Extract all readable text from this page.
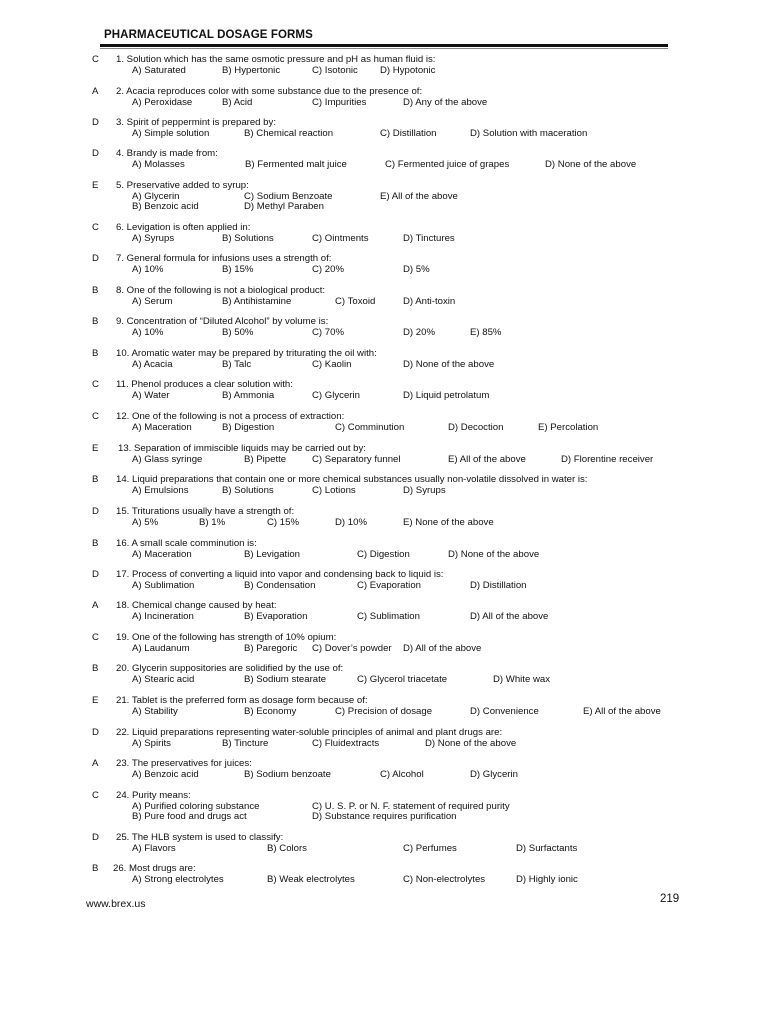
PHARMACEUTICAL DOSAGE FORMS
C 1. Solution which has the same osmotic pressure and pH as human fluid is:
A) Saturated	B) Hypertonic	C) Isotonic D) Hypotonic
A 2. Acacia reproduces color with some substance due to the presence of:
A) Peroxidase	B) Acid	C) Impurities	D) Any of the above
D 3. Spirit of peppermint is prepared by:
A) Simple solution	B) Chemical reaction	C) Distillation	D) Solution with maceration
D 4. Brandy is made from:
A) Molasses	B) Fermented malt juice	C) Fermented juice of grapes	D) None of the above
E 5. Preservative added to syrup:
A) Glycerin	C) Sodium Benzoate	E) All of the above
B) Benzoic acid	D) Methyl Paraben
C 6. Levigation is often applied in:
A) Syrups	B) Solutions	C) Ointments	D) Tinctures
D 7. General formula for infusions uses a strength of:
A) 10%	B) 15%	C) 20%	D) 5%
B 8. One of the following is not a biological product:
A) Serum	B) Antihistamine	C) Toxoid	D) Anti-toxin
B 9. Concentration of “Diluted Alcohol” by volume is:
A) 10%	B) 50%	C) 70%	D) 20%	E) 85%
B 10. Aromatic water may be prepared by triturating the oil with:
A) Acacia	B) Talc	C) Kaolin	D) None of the above
C 11. Phenol produces a clear solution with:
A) Water	B) Ammonia	C) Glycerin	D) Liquid petrolatum
C 12. One of the following is not a process of extraction:
A) Maceration	B) Digestion	C) Comminution	D) Decoction	E) Percolation
E 13. Separation of immiscible liquids may be carried out by:
A) Glass syringe	B) Pipette	C) Separatory funnel	E) All of the above	D) Florentine receiver
B 14. Liquid preparations that contain one or more chemical substances usually non-volatile dissolved in water is:
A) Emulsions	B) Solutions	C) Lotions	D) Syrups
D 15. Triturations usually have a strength of:
A) 5%	B) 1%	C) 15%	D) 10%	E) None of the above
B 16. A small scale comminution is:
A) Maceration	B) Levigation	C) Digestion	D) None of the above
D 17. Process of converting a liquid into vapor and condensing back to liquid is:
A) Sublimation	B) Condensation	C) Evaporation	D) Distillation
A 18. Chemical change caused by heat:
A) Incineration	B) Evaporation	C) Sublimation	D) All of the above
C 19. One of the following has strength of 10% opium:
A) Laudanum	B) Paregoric C) Dover’s powder D) All of the above
B 20. Glycerin suppositories are solidified by the use of:
A) Stearic acid	B) Sodium stearate	C) Glycerol triacetate	D) White wax
E 21. Tablet is the preferred form as dosage form because of:
A) Stability	B) Economy	C) Precision of dosage	D) Convenience	E) All of the above
D 22. Liquid preparations representing water-soluble principles of animal and plant drugs are:
A) Spirits	B) Tincture	C) Fluidextracts	D) None of the above
A 23. The preservatives for juices:
A) Benzoic acid	B) Sodium benzoate	C) Alcohol	D) Glycerin
C 24. Purity means:
A) Purified coloring substance	C) U. S. P. or N. F. statement of required purity
B) Pure food and drugs act	D) Substance requires purification
D 25. The HLB system is used to classify:
A) Flavors	B) Colors	C) Perfumes	D) Surfactants
B 26. Most drugs are:
A) Strong electrolytes	B) Weak electrolytes	C) Non-electrolytes	D) Highly ionic
www.brex.us	219
